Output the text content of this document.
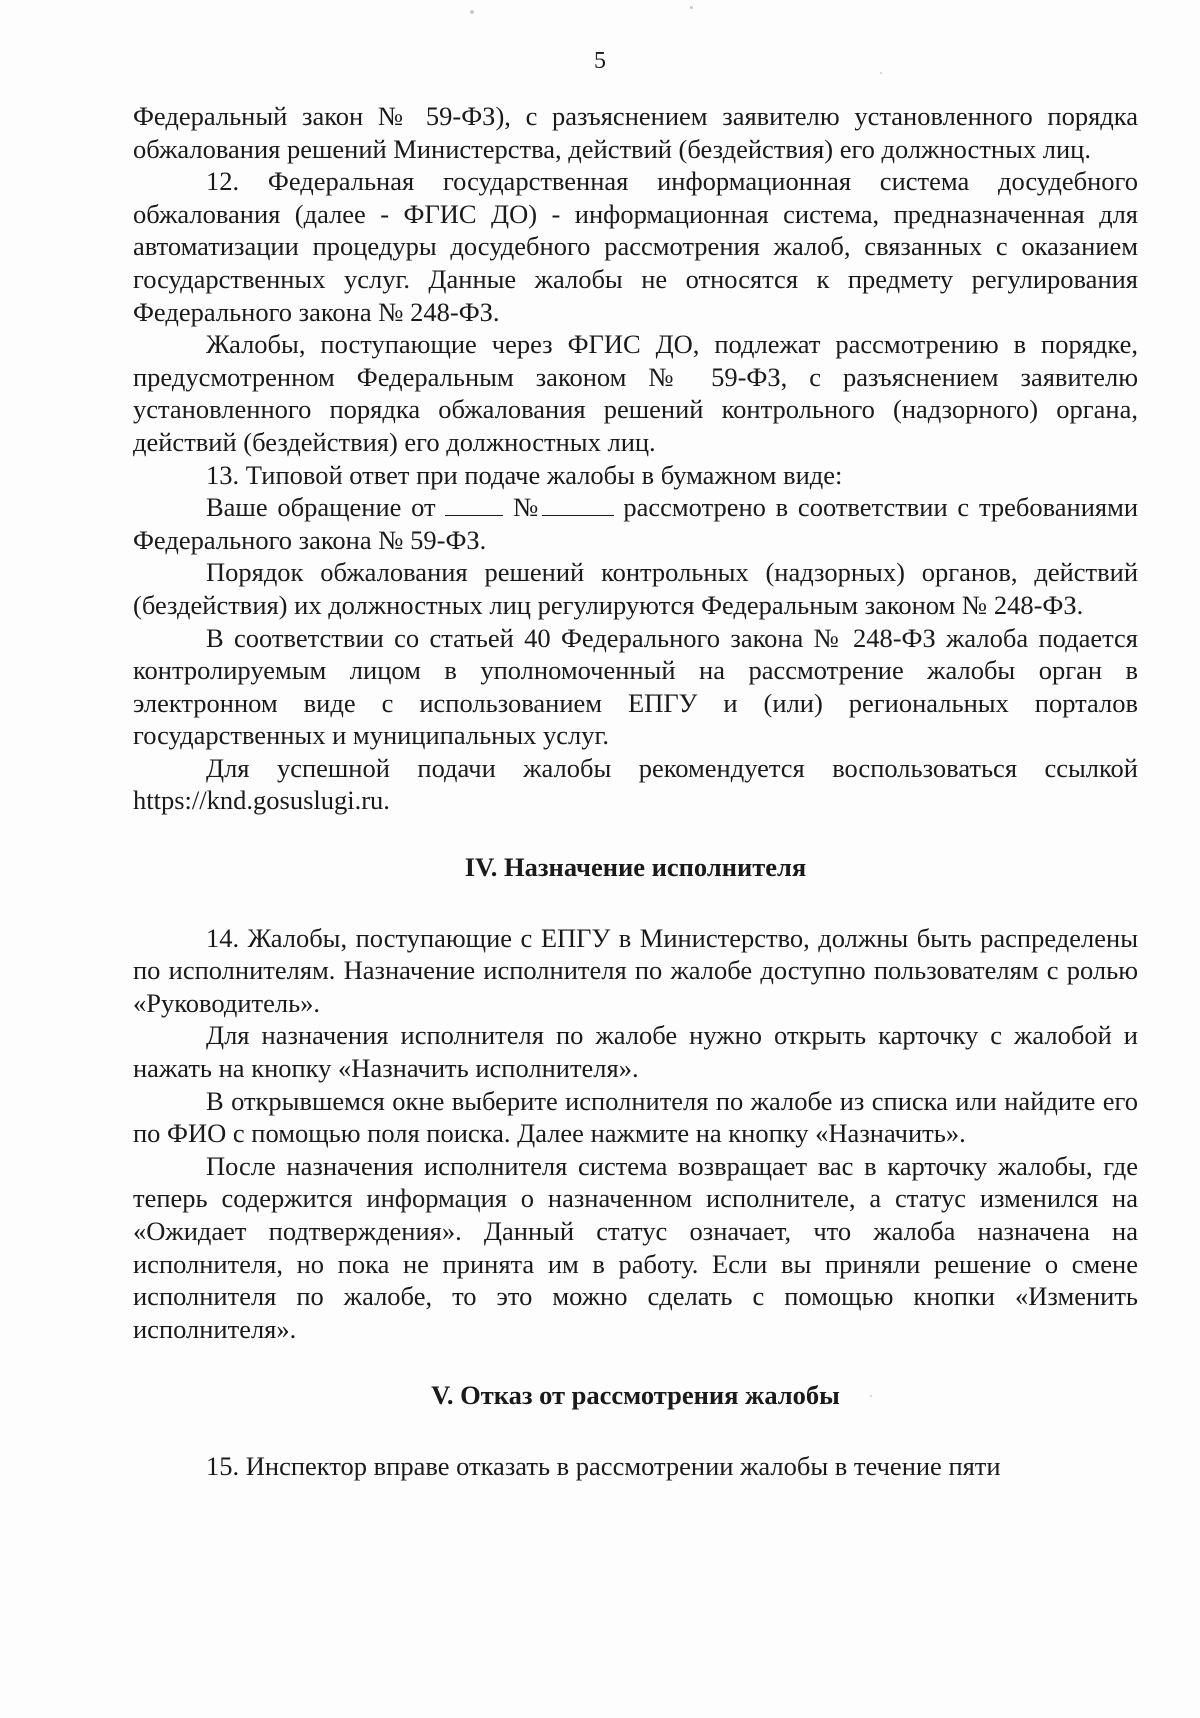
5

Федеральный закон № 59-ФЗ), с разъяснением заявителю установленного порядка обжалования решений Министерства, действий (бездействия) его должностных лиц.

12. Федеральная государственная информационная система досудебного обжалования (далее - ФГИС ДО) - информационная система, предназначенная для автоматизации процедуры досудебного рассмотрения жалоб, связанных с оказанием государственных услуг. Данные жалобы не относятся к предмету регулирования Федерального закона № 248-ФЗ.

Жалобы, поступающие через ФГИС ДО, подлежат рассмотрению в порядке, предусмотренном Федеральным законом № 59-ФЗ, с разъяснением заявителю установленного порядка обжалования решений контрольного (надзорного) органа, действий (бездействия) его должностных лиц.

13. Типовой ответ при подаче жалобы в бумажном виде:

Ваше обращение от	№	рассмотрено в соответствии с требованиями Федерального закона № 59-ФЗ.

Порядок обжалования решений контрольных (надзорных) органов, действий (бездействия) их должностных лиц регулируются Федеральным законом № 248-ФЗ.

В соответствии со статьей 40 Федерального закона № 248-ФЗ жалоба подается контролируемым лицом в уполномоченный на рассмотрение жалобы орган в электронном виде с использованием ЕПГУ и (или) региональных порталов государственных и муниципальных услуг.

Для успешной подачи жалобы рекомендуется воспользоваться ссылкой https://knd.gosuslugi.ru.

IV. Назначение исполнителя

14. Жалобы, поступающие с ЕПГУ в Министерство, должны быть распределены по исполнителям. Назначение исполнителя по жалобе доступно пользователям с ролью «Руководитель».

Для назначения исполнителя по жалобе нужно открыть карточку с жалобой и нажать на кнопку «Назначить исполнителя».

В открывшемся окне выберите исполнителя по жалобе из списка или найдите его по ФИО с помощью поля поиска. Далее нажмите на кнопку «Назначить».

После назначения исполнителя система возвращает вас в карточку жалобы, где теперь содержится информация о назначенном исполнителе, а статус изменился на «Ожидает подтверждения». Данный статус означает, что жалоба назначена на исполнителя, но пока не принята им в работу. Если вы приняли решение о смене исполнителя по жалобе, то это можно сделать с помощью кнопки «Изменить исполнителя».

V. Отказ от рассмотрения жалобы

15. Инспектор вправе отказать в рассмотрении жалобы в течение пяти
